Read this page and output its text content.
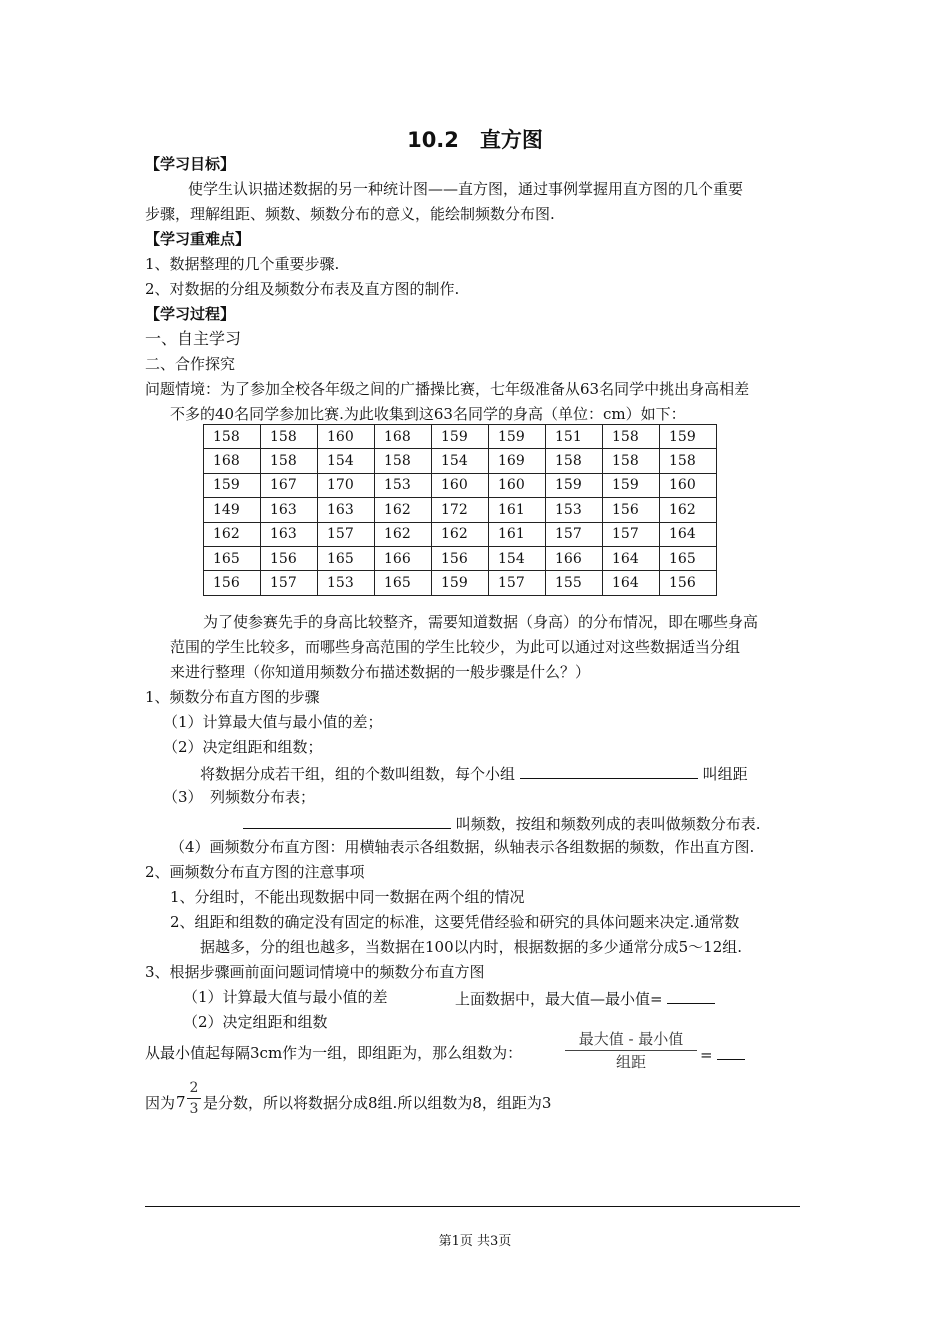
10.2　直方图
【学习目标】
使学生认识描述数据的另一种统计图——直方图，通过事例掌握用直方图的几个重要
步骤，理解组距、频数、频数分布的意义，能绘制频数分布图.
【学习重难点】
1、数据整理的几个重要步骤.
2、对数据的分组及频数分布表及直方图的制作.
【学习过程】
一、自主学习
二、合作探究
问题情境：为了参加全校各年级之间的广播操比赛，七年级准备从63名同学中挑出身高相差
不多的40名同学参加比赛.为此收集到这63名同学的身高（单位：cm）如下：
158	158	160	168	159	159	151	158	159
168	158	154	158	154	169	158	158	158
159	167	170	153	160	160	159	159	160
149	163	163	162	172	161	153	156	162
162	163	157	162	162	161	157	157	164
165	156	165	166	156	154	166	164	165
156	157	153	165	159	157	155	164	156
为了使参赛先手的身高比较整齐，需要知道数据（身高）的分布情况，即在哪些身高
范围的学生比较多，而哪些身高范围的学生比较少，为此可以通过对这些数据适当分组
来进行整理（你知道用频数分布描述数据的一般步骤是什么？）
1、频数分布直方图的步骤
（1）计算最大值与最小值的差；
（2）决定组距和组数；
将数据分成若干组，组的个数叫组数，每个小组	叫组距
（3）　列频数分布表；
叫频数，按组和频数列成的表叫做频数分布表.
（4）画频数分布直方图：用横轴表示各组数据，纵轴表示各组数据的频数，作出直方图.
2、画频数分布直方图的注意事项
1、分组时，不能出现数据中同一数据在两个组的情况
2、组距和组数的确定没有固定的标准，这要凭借经验和研究的具体问题来决定.通常数
据越多，分的组也越多，当数据在100以内时，根据数据的多少通常分成5～12组.
3、根据步骤画前面问题词情境中的频数分布直方图
（1）计算最大值与最小值的差	上面数据中，最大值—最小值=
（2）决定组距和组数
从最小值起每隔3cm作为一组，即组距为，那么组数为：
最大值 - 最小值
组距	=
因为 $7 \frac{2}{3}$ 是分数，所以将数据分成8组.所以组数为8，组距为3
第1页 共3页
